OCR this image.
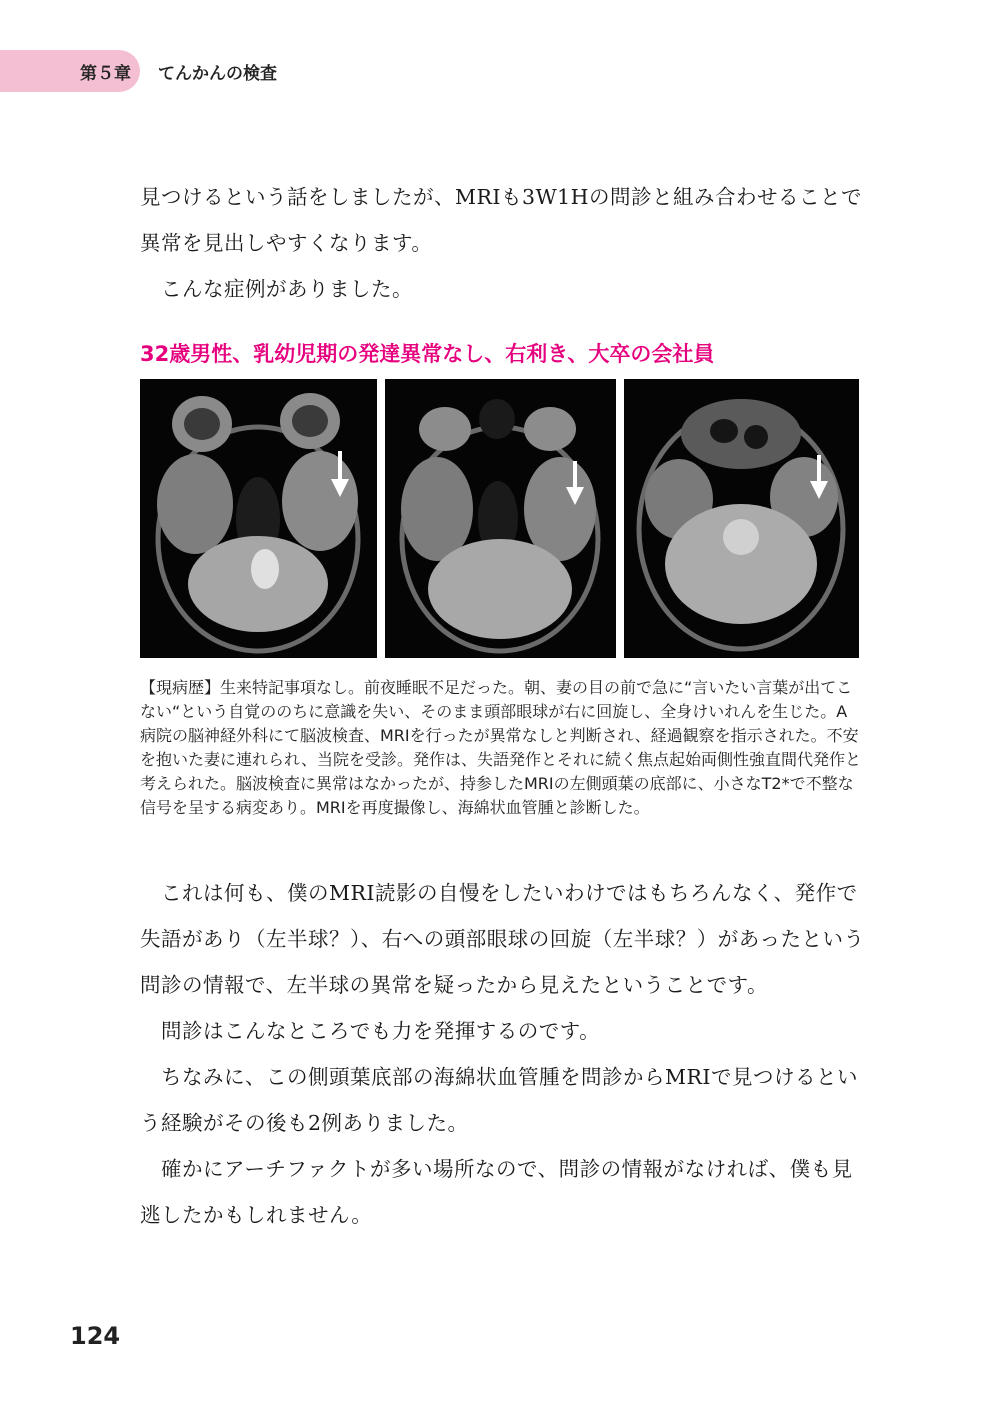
第５章 てんかんの検査

見つけるという話をしましたが、MRIも3W1Hの問診と組み合わせることで異常を見出しやすくなります。

　こんな症例がありました。

32歳男性、乳幼児期の発達異常なし、右利き、大卒の会社員

【現病歴】生来特記事項なし。前夜睡眠不足だった。朝、妻の目の前で急に“言いたい言葉が出てこない“という自覚ののちに意識を失い、そのまま頭部眼球が右に回旋し、全身けいれんを生じた。A病院の脳神経外科にて脳波検査、MRIを行ったが異常なしと判断され、経過観察を指示された。不安を抱いた妻に連れられ、当院を受診。発作は、失語発作とそれに続く焦点起始両側性強直間代発作と考えられた。脳波検査に異常はなかったが、持参したMRIの左側頭葉の底部に、小さなT2*で不整な信号を呈する病変あり。MRIを再度撮像し、海綿状血管腫と診断した。

　これは何も、僕のMRI読影の自慢をしたいわけではもちろんなく、発作で失語があり（左半球？）、右への頭部眼球の回旋（左半球？）があったという問診の情報で、左半球の異常を疑ったから見えたということです。

　問診はこんなところでも力を発揮するのです。

　ちなみに、この側頭葉底部の海綿状血管腫を問診からMRIで見つけるという経験がその後も2例ありました。

　確かにアーチファクトが多い場所なので、問診の情報がなければ、僕も見逃したかもしれません。

124
